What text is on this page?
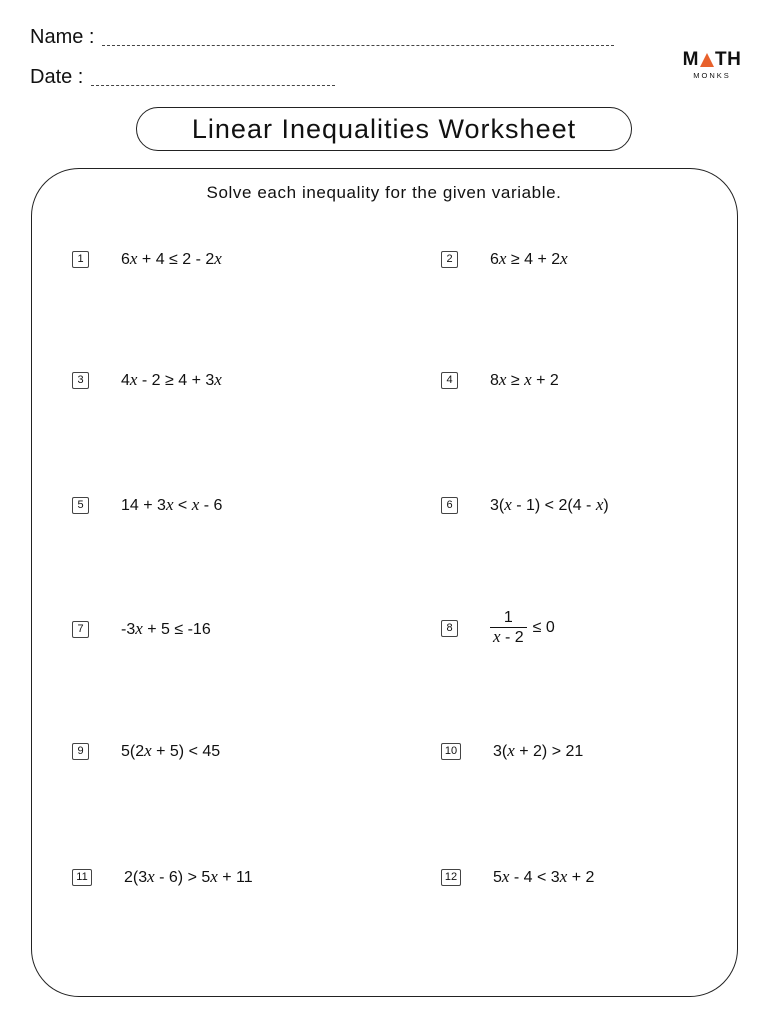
Name :
Date :
M TH
MONKS
Linear Inequalities Worksheet
Solve each inequality for the given variable.
1	6x + 4 ≤ 2 - 2x	2	6x ≥ 4 + 2x
3	4x - 2 ≥ 4 + 3x	4	8x ≥ x + 2
5	14 + 3x < x - 6	6	3(x - 1) < 2(4 - x)
7	-3x + 5 ≤ -16	8	$\frac{1}{x - 2} \le 0$
9	5(2x + 5) < 45	10 3(x + 2) > 21
11 2(3x - 6) > 5x + 11	12 5x - 4 < 3x + 2
